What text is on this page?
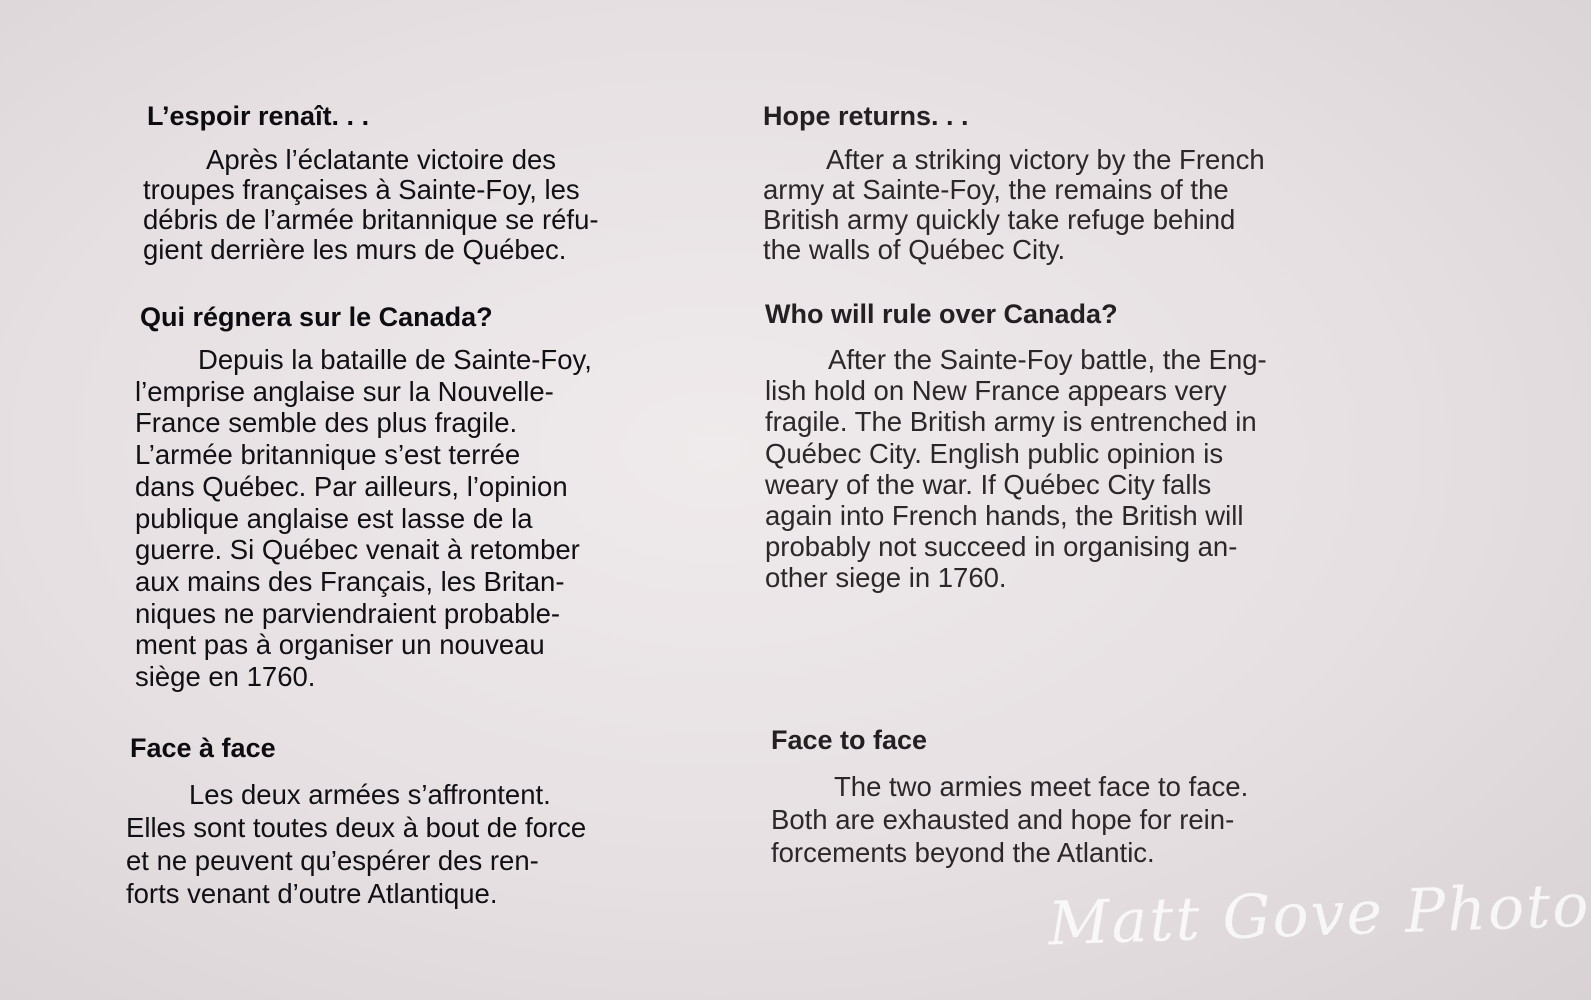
L’espoir renaît. . .

Après l’éclatante victoire des
troupes françaises à Sainte-Foy, les
débris de l’armée britannique se réfu-
gient derrière les murs de Québec.

Qui régnera sur le Canada?

Depuis la bataille de Sainte-Foy,
l’emprise anglaise sur la Nouvelle-
France semble des plus fragile.
L’armée britannique s’est terrée
dans Québec. Par ailleurs, l’opinion
publique anglaise est lasse de la
guerre. Si Québec venait à retomber
aux mains des Français, les Britan-
niques ne parviendraient probable-
ment pas à organiser un nouveau
siège en 1760.

Face à face

Les deux armées s’affrontent.
Elles sont toutes deux à bout de force
et ne peuvent qu’espérer des ren-
forts venant d’outre Atlantique.

Hope returns. . .

After a striking victory by the French
army at Sainte-Foy, the remains of the
British army quickly take refuge behind
the walls of Québec City.

Who will rule over Canada?

After the Sainte-Foy battle, the Eng-
lish hold on New France appears very
fragile. The British army is entrenched in
Québec City. English public opinion is
weary of the war. If Québec City falls
again into French hands, the British will
probably not succeed in organising an-
other siege in 1760.

Face to face

The two armies meet face to face.
Both are exhausted and hope for rein-
forcements beyond the Atlantic.

Matt Gove Photo
